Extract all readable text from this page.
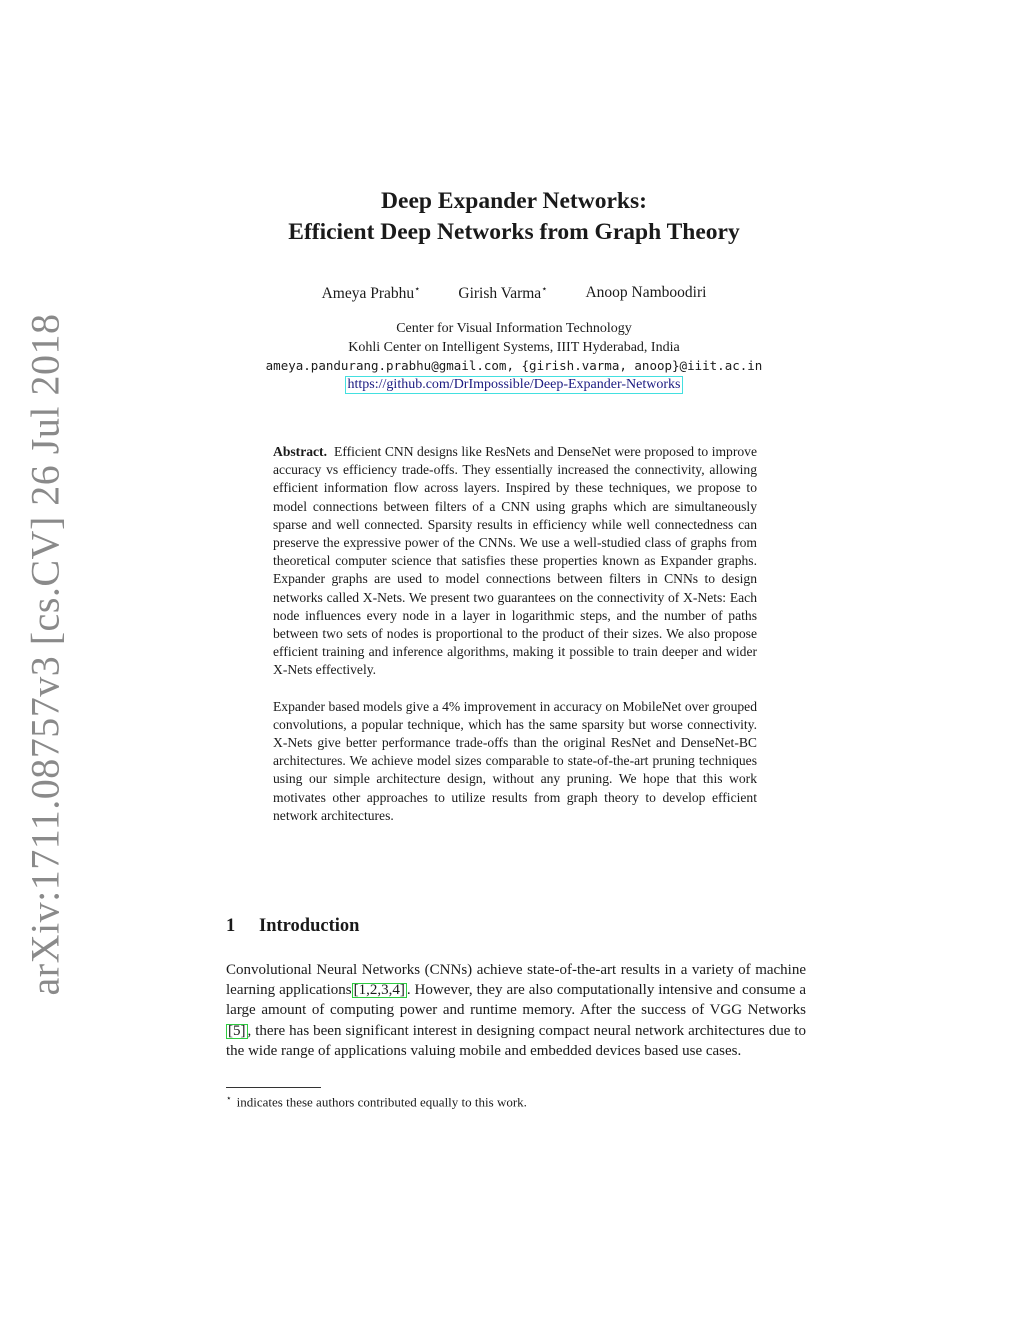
arXiv:1711.08757v3 [cs.CV] 26 Jul 2018
Deep Expander Networks:
Efficient Deep Networks from Graph Theory
Ameya Prabhu⋆ Girish Varma⋆ Anoop Namboodiri
Center for Visual Information Technology
Kohli Center on Intelligent Systems, IIIT Hyderabad, India
ameya.pandurang.prabhu@gmail.com, {girish.varma, anoop}@iiit.ac.in
https://github.com/DrImpossible/Deep-Expander-Networks

Abstract. Efficient CNN designs like ResNets and DenseNet were proposed to improve accuracy vs efficiency trade-offs. They essentially increased the connectivity, allowing efficient information flow across layers. Inspired by these techniques, we propose to model connections between filters of a CNN using graphs which are simultaneously sparse and well connected. Sparsity results in efficiency while well connectedness can preserve the expressive power of the CNNs. We use a well-studied class of graphs from theoretical computer science that satisfies these properties known as Expander graphs. Expander graphs are used to model connections between filters in CNNs to design networks called X-Nets. We present two guarantees on the connectivity of X-Nets: Each node influences every node in a layer in logarithmic steps, and the number of paths between two sets of nodes is proportional to the product of their sizes. We also propose efficient training and inference algorithms, making it possible to train deeper and wider X-Nets effectively.

Expander based models give a 4% improvement in accuracy on MobileNet over grouped convolutions, a popular technique, which has the same sparsity but worse connectivity. X-Nets give better performance trade-offs than the original ResNet and DenseNet-BC architectures. We achieve model sizes comparable to state-of-the-art pruning techniques using our simple architecture design, without any pruning. We hope that this work motivates other approaches to utilize results from graph theory to develop efficient network architectures.

1 Introduction

Convolutional Neural Networks (CNNs) achieve state-of-the-art results in a variety of machine learning applications [1,2,3,4] . However, they are also computationally intensive and consume a large amount of computing power and runtime memory. After the success of VGG Networks [5] , there has been significant interest in designing compact neural network architectures due to the wide range of applications valuing mobile and embedded devices based use cases.

⋆ indicates these authors contributed equally to this work.
